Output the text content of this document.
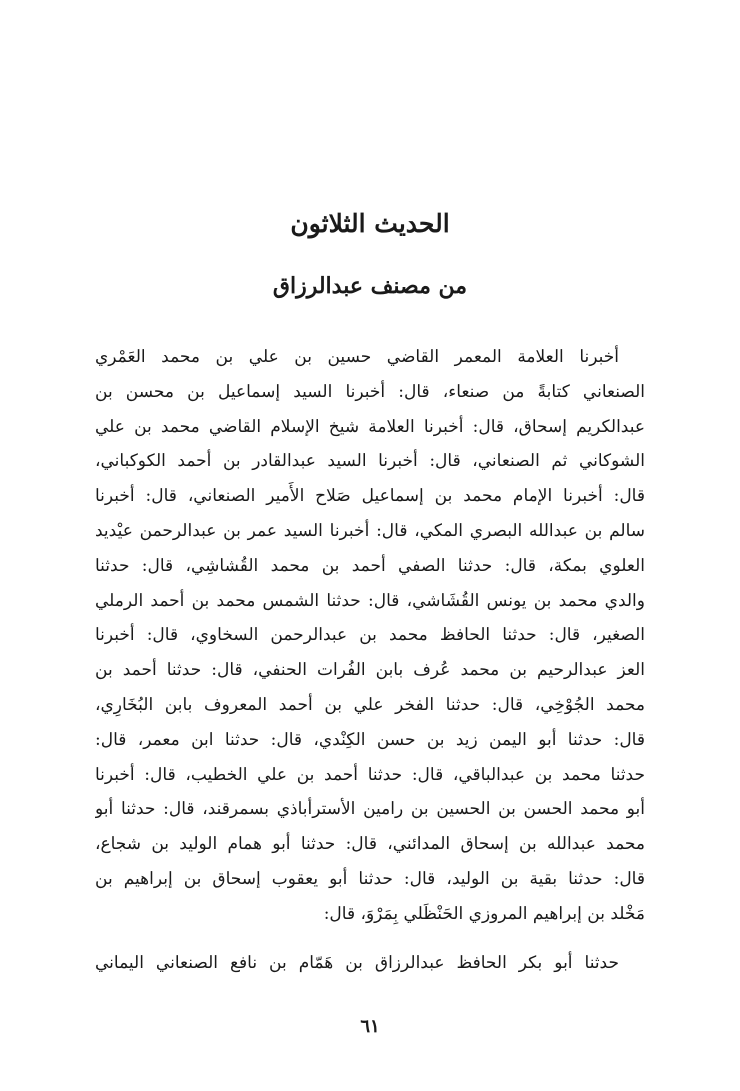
الحديث الثلاثون
من مصنف عبدالرزاق
أخبرنا العلامة المعمر القاضي حسين بن علي بن محمد العَمْري
الصنعاني كتابةً من صنعاء، قال: أخبرنا السيد إسماعيل بن محسن بن
عبدالكريم إسحاق، قال: أخبرنا العلامة شيخ الإسلام القاضي محمد بن علي
الشوكاني ثم الصنعاني، قال: أخبرنا السيد عبدالقادر بن أحمد الكوكباني،
قال: أخبرنا الإمام محمد بن إسماعيل صَلاح الأَمير الصنعاني، قال: أخبرنا
سالم بن عبدالله البصري المكي، قال: أخبرنا السيد عمر بن عبدالرحمن عيْديد
العلوي بمكة، قال: حدثنا الصفي أحمد بن محمد القُشاشِي، قال: حدثنا
والدي محمد بن يونس القُشَاشي، قال: حدثنا الشمس محمد بن أحمد الرملي
الصغير، قال: حدثنا الحافظ محمد بن عبدالرحمن السخاوي، قال: أخبرنا
العز عبدالرحيم بن محمد عُرف بابن الفُرات الحنفي، قال: حدثنا أحمد بن
محمد الجُوْخِي، قال: حدثنا الفخر علي بن أحمد المعروف بابن البُخَارِي،
قال: حدثنا أبو اليمن زيد بن حسن الكِنْدي، قال: حدثنا ابن معمر، قال:
حدثنا محمد بن عبدالباقي، قال: حدثنا أحمد بن علي الخطيب، قال: أخبرنا
أبو محمد الحسن بن الحسين بن رامين الأسترأباذي بسمرقند، قال: حدثنا أبو
محمد عبدالله بن إسحاق المدائني، قال: حدثنا أبو همام الوليد بن شجاع،
قال: حدثنا بقية بن الوليد، قال: حدثنا أبو يعقوب إسحاق بن إبراهيم بن
مَخْلد بن إبراهيم المروزي الحَنْظَلي بِمَرْوَ، قال:
حدثنا أبو بكر الحافظ عبدالرزاق بن هَمّام بن نافع الصنعاني اليماني
٦١
